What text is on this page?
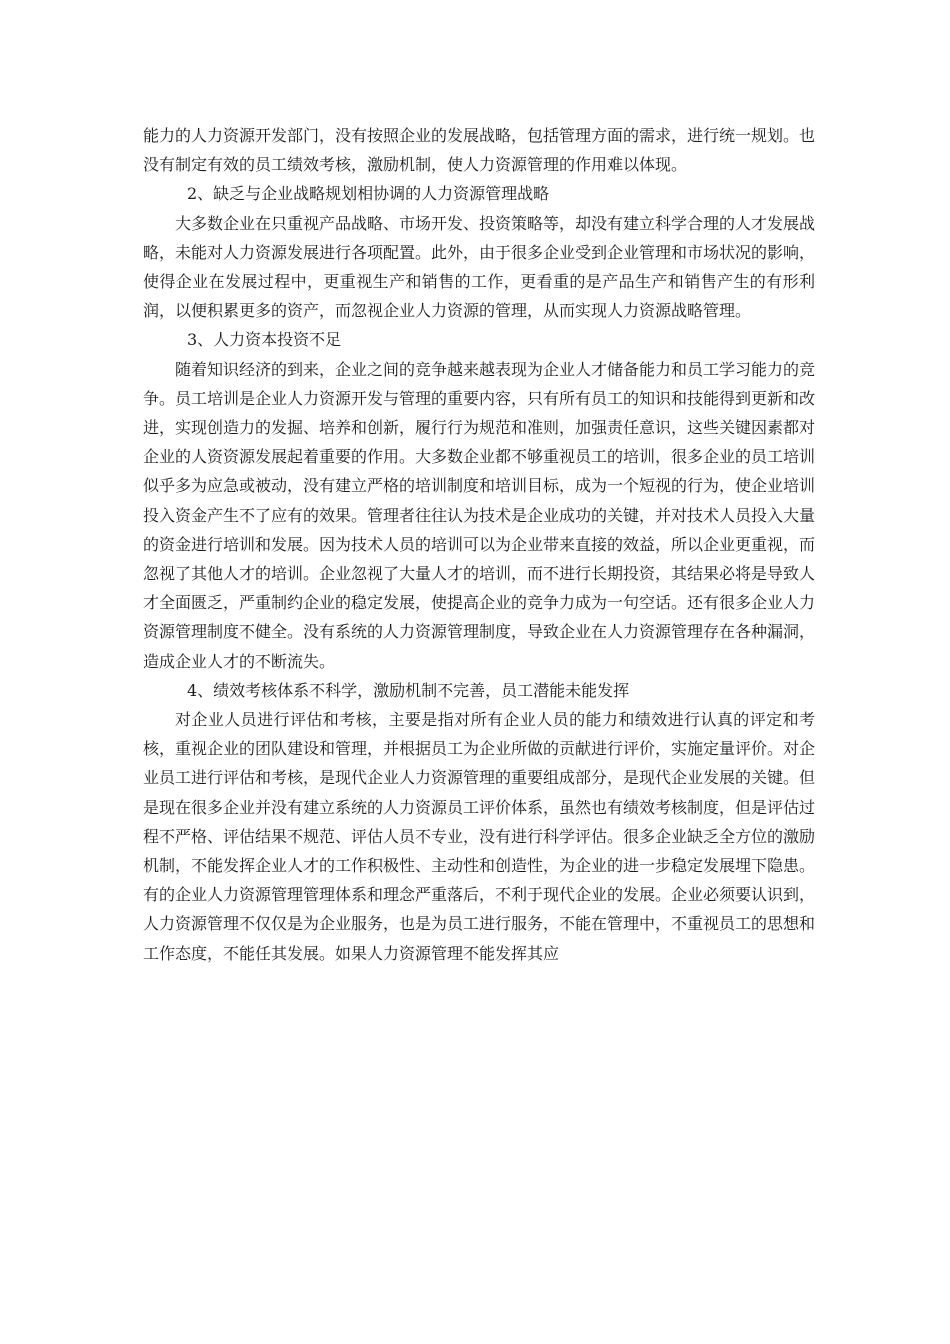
能力的人力资源开发部门，没有按照企业的发展战略，包括管理方面的需求，进行统一规划。也没有制定有效的员工绩效考核，激励机制，使人力资源管理的作用难以体现。

2、缺乏与企业战略规划相协调的人力资源管理战略

大多数企业在只重视产品战略、市场开发、投资策略等，却没有建立科学合理的人才发展战略，未能对人力资源发展进行各项配置。此外，由于很多企业受到企业管理和市场状况的影响，使得企业在发展过程中，更重视生产和销售的工作，更看重的是产品生产和销售产生的有形利润，以便积累更多的资产，而忽视企业人力资源的管理，从而实现人力资源战略管理。

3、人力资本投资不足

随着知识经济的到来，企业之间的竞争越来越表现为企业人才储备能力和员工学习能力的竞争。员工培训是企业人力资源开发与管理的重要内容，只有所有员工的知识和技能得到更新和改进，实现创造力的发掘、培养和创新，履行行为规范和准则，加强责任意识，这些关键因素都对企业的人资资源发展起着重要的作用。大多数企业都不够重视员工的培训，很多企业的员工培训似乎多为应急或被动，没有建立严格的培训制度和培训目标，成为一个短视的行为，使企业培训投入资金产生不了应有的效果。管理者往往认为技术是企业成功的关键，并对技术人员投入大量的资金进行培训和发展。因为技术人员的培训可以为企业带来直接的效益，所以企业更重视，而忽视了其他人才的培训。企业忽视了大量人才的培训，而不进行长期投资，其结果必将是导致人才全面匮乏，严重制约企业的稳定发展，使提高企业的竞争力成为一句空话。还有很多企业人力资源管理制度不健全。没有系统的人力资源管理制度，导致企业在人力资源管理存在各种漏洞，造成企业人才的不断流失。

4、绩效考核体系不科学，激励机制不完善，员工潜能未能发挥

对企业人员进行评估和考核，主要是指对所有企业人员的能力和绩效进行认真的评定和考核，重视企业的团队建设和管理，并根据员工为企业所做的贡献进行评价，实施定量评价。对企业员工进行评估和考核，是现代企业人力资源管理的重要组成部分，是现代企业发展的关键。但是现在很多企业并没有建立系统的人力资源员工评价体系，虽然也有绩效考核制度，但是评估过程不严格、评估结果不规范、评估人员不专业，没有进行科学评估。很多企业缺乏全方位的激励机制，不能发挥企业人才的工作积极性、主动性和创造性，为企业的进一步稳定发展埋下隐患。有的企业人力资源管理管理体系和理念严重落后，不利于现代企业的发展。企业必须要认识到，人力资源管理不仅仅是为企业服务，也是为员工进行服务，不能在管理中，不重视员工的思想和工作态度，不能任其发展。如果人力资源管理不能发挥其应
